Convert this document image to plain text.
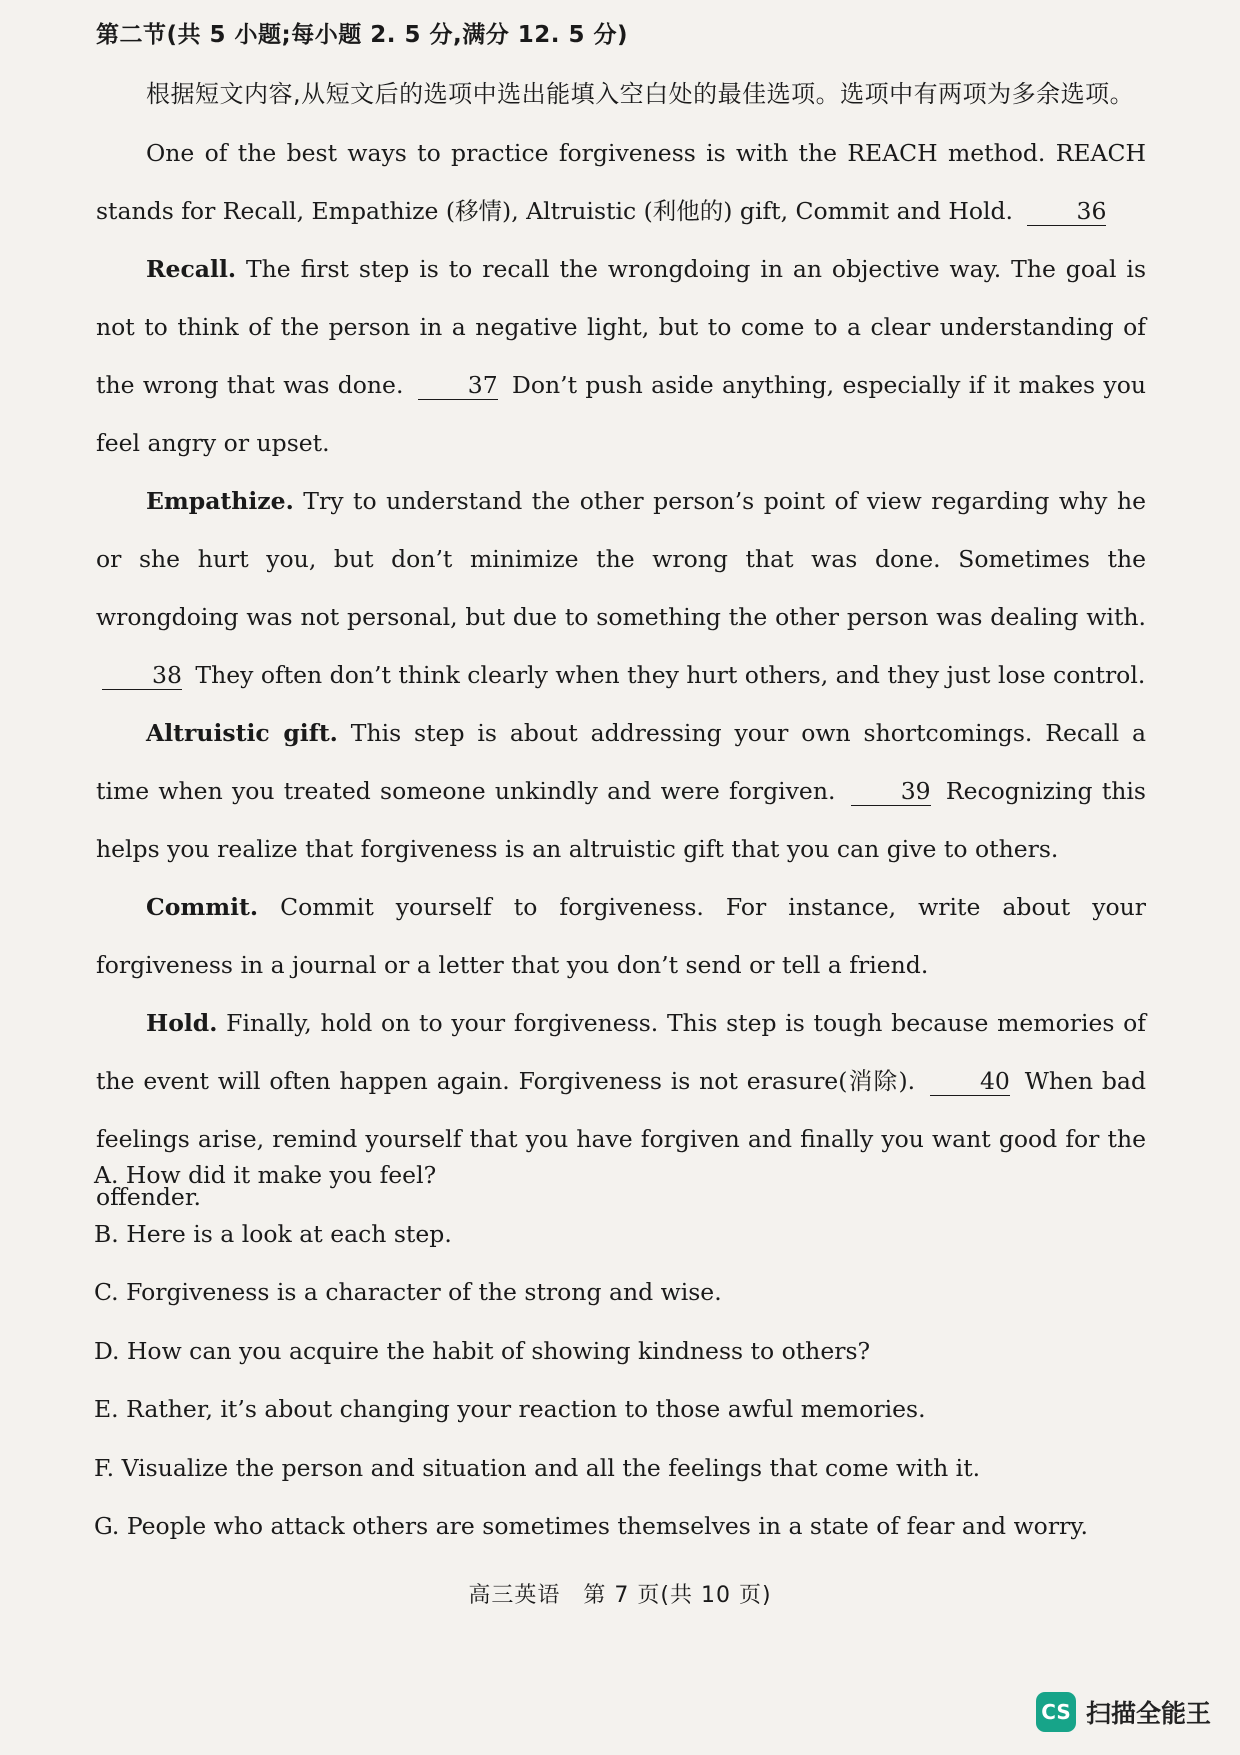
第二节(共 5 小题;每小题 2. 5 分,满分 12. 5 分)
根据短文内容,从短文后的选项中选出能填入空白处的最佳选项。选项中有两项为多余选项。

One of the best ways to practice forgiveness is with the REACH method. REACH stands for Recall, Empathize (移情), Altruistic (利他的) gift, Commit and Hold.	36

Recall. The first step is to recall the wrongdoing in an objective way. The goal is not to think of the person in a negative light, but to come to a clear understanding of the wrong that was done.	37 Don’t push aside anything, especially if it makes you feel angry or upset.

Empathize. Try to understand the other person’s point of view regarding why he or she hurt you, but don’t minimize the wrong that was done. Sometimes the wrongdoing was not personal, but due to something the other person was dealing with. 38 They often don’t think clearly when they hurt others, and they just lose control.

Altruistic gift. This step is about addressing your own shortcomings. Recall a time when you treated someone unkindly and were forgiven.	39 Recognizing this helps you realize that forgiveness is an altruistic gift that you can give to others.

Commit. Commit yourself to forgiveness. For instance, write about your forgiveness in a journal or a letter that you don’t send or tell a friend.

Hold. Finally, hold on to your forgiveness. This step is tough because memories of the event will often happen again. Forgiveness is not erasure(消除).	40 When bad feelings arise, remind yourself that you have forgiven and finally you want good for the offender.

A. How did it make you feel?
B. Here is a look at each step.
C. Forgiveness is a character of the strong and wise.
D. How can you acquire the habit of showing kindness to others?
E. Rather, it’s about changing your reaction to those awful memories.
F. Visualize the person and situation and all the feelings that come with it.
G. People who attack others are sometimes themselves in a state of fear and worry.
高三英语　第 7 页(共 10 页)
CS 扫描全能王
